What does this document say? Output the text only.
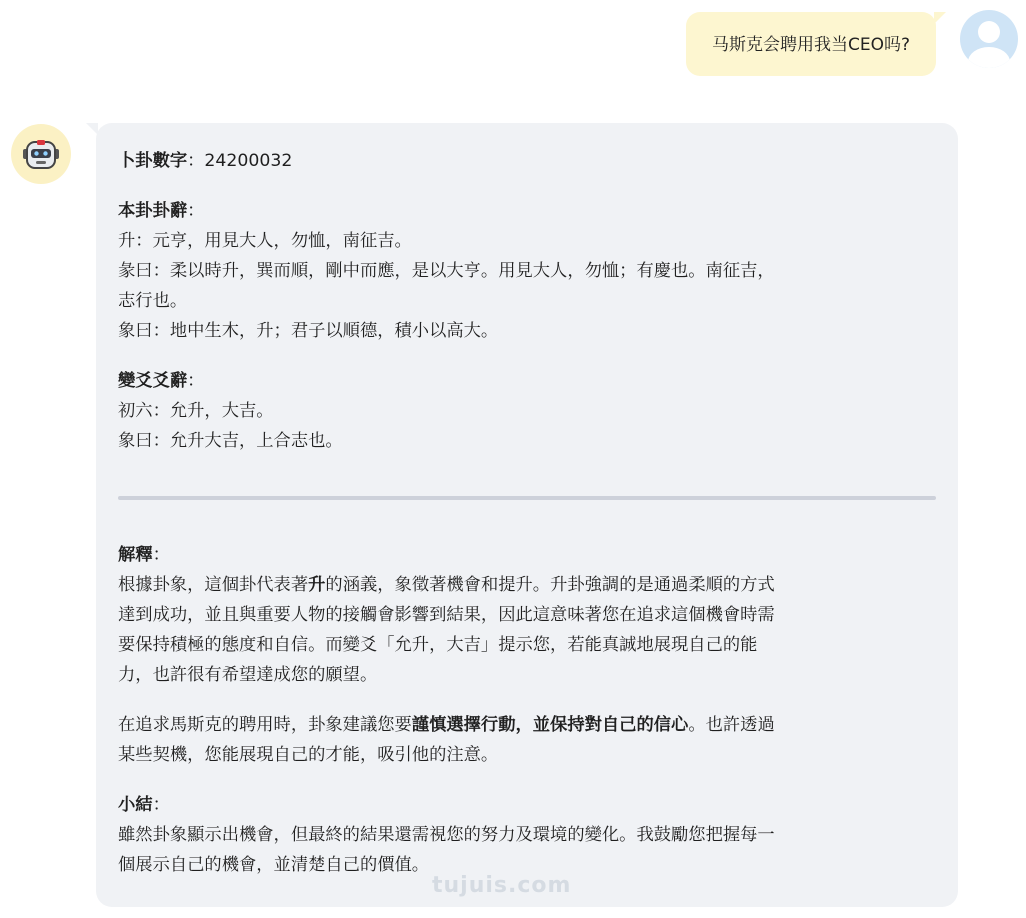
马斯克会聘用我当CEO吗?
卜卦數字：24200032

本卦卦辭：

升：元亨，用見大人，勿恤，南征吉。

彖曰：柔以時升，巽而順，剛中而應，是以大亨。用見大人，勿恤；有慶也。南征吉，

志行也。

象曰：地中生木，升；君子以順德，積小以高大。

變爻爻辭：

初六：允升，大吉。

象曰：允升大吉，上合志也。

解釋：

根據卦象，這個卦代表著升的涵義，象徵著機會和提升。升卦強調的是通過柔順的方式

達到成功，並且與重要人物的接觸會影響到結果，因此這意味著您在追求這個機會時需

要保持積極的態度和自信。而變爻「允升，大吉」提示您，若能真誠地展現自己的能

力，也許很有希望達成您的願望。

在追求馬斯克的聘用時，卦象建議您要謹慎選擇行動，並保持對自己的信心。也許透過

某些契機，您能展現自己的才能，吸引他的注意。

小結：

雖然卦象顯示出機會，但最終的結果還需視您的努力及環境的變化。我鼓勵您把握每一

個展示自己的機會，並清楚自己的價值。

tujuis.com
